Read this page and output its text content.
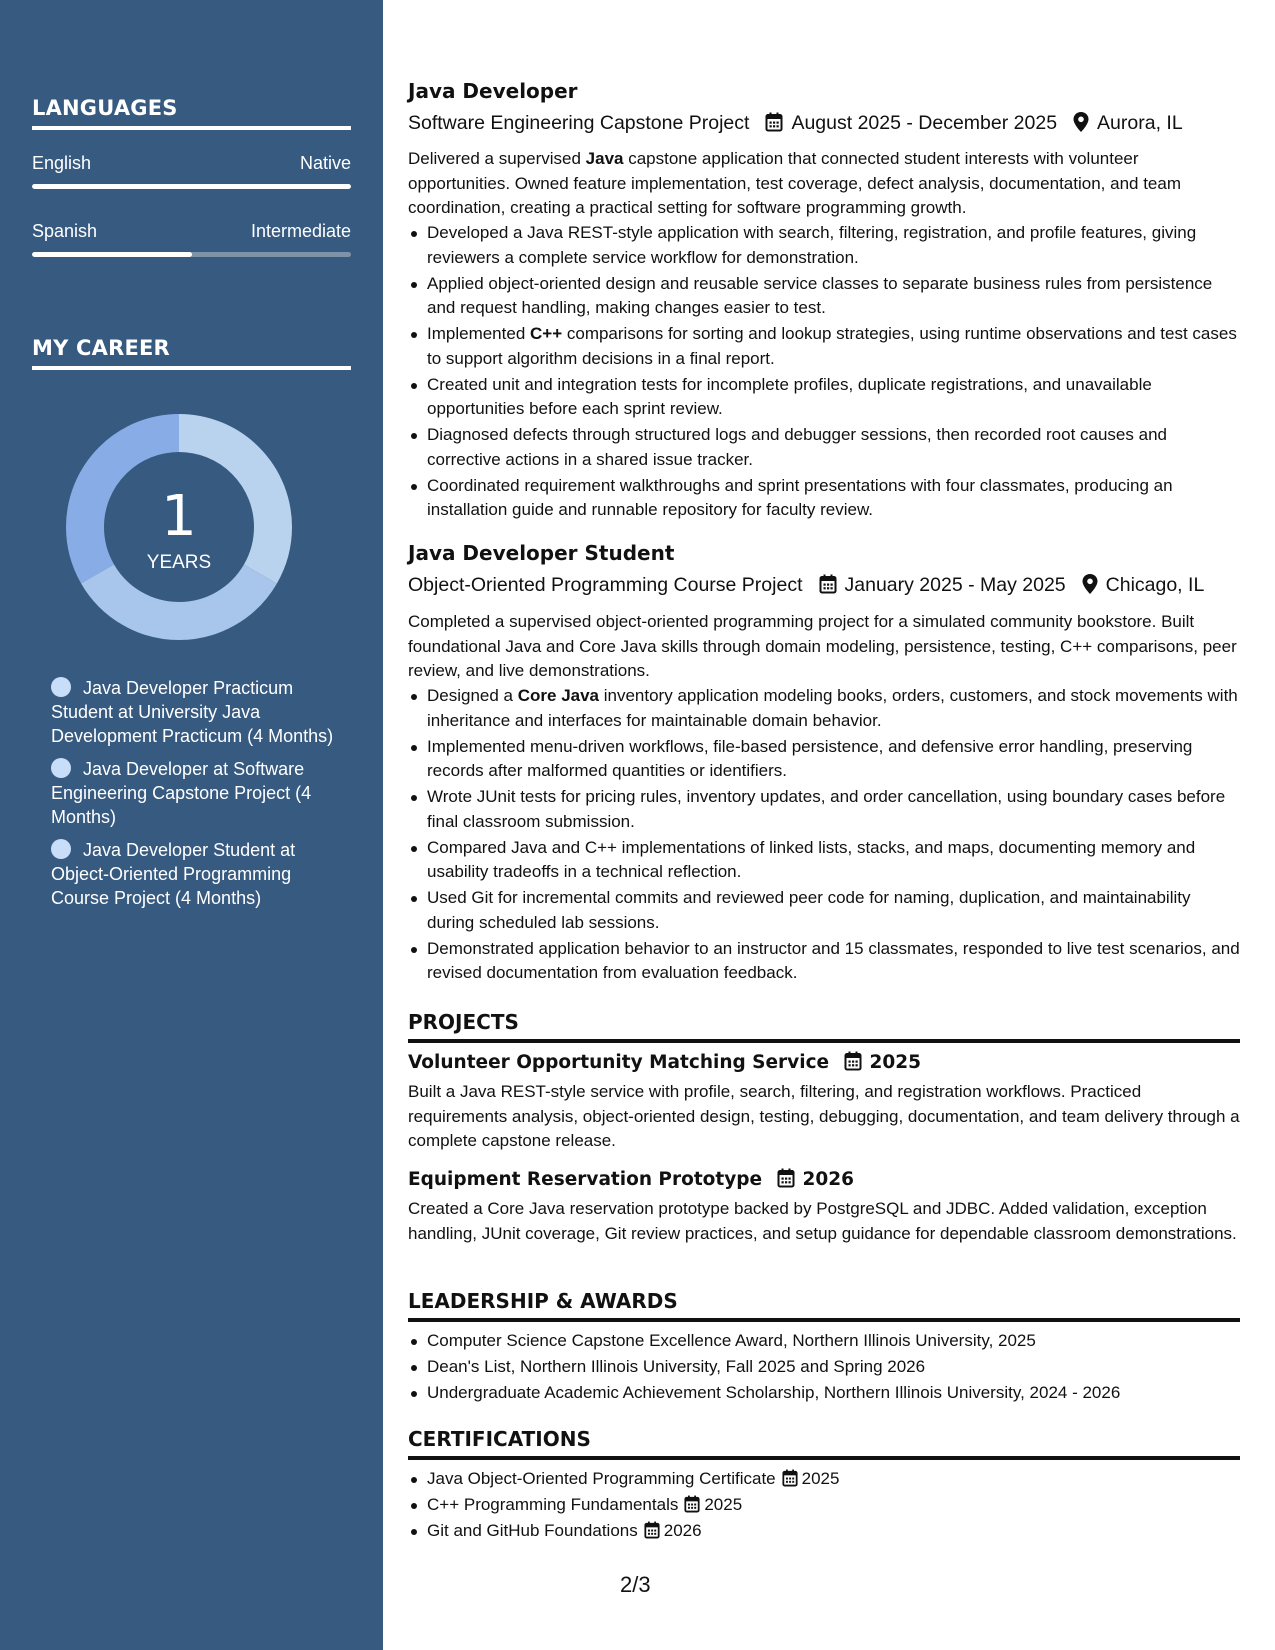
LANGUAGES
English	Native
Spanish	Intermediate
MY CAREER
1
YEARS
Java Developer Practicum Student at University Java Development Practicum (4 Months)
Java Developer at Software Engineering Capstone Project (4 Months)
Java Developer Student at Object-Oriented Programming Course Project (4 Months)
Java Developer
Software Engineering Capstone Project August 2025 - December 2025 Aurora, IL
Delivered a supervised Java capstone application that connected student interests with volunteer opportunities. Owned feature implementation, test coverage, defect analysis, documentation, and team coordination, creating a practical setting for software programming growth.
Developed a Java REST-style application with search, filtering, registration, and profile features, giving reviewers a complete service workflow for demonstration.
Applied object-oriented design and reusable service classes to separate business rules from persistence and request handling, making changes easier to test.
Implemented C++ comparisons for sorting and lookup strategies, using runtime observations and test cases to support algorithm decisions in a final report.
Created unit and integration tests for incomplete profiles, duplicate registrations, and unavailable opportunities before each sprint review.
Diagnosed defects through structured logs and debugger sessions, then recorded root causes and corrective actions in a shared issue tracker.
Coordinated requirement walkthroughs and sprint presentations with four classmates, producing an installation guide and runnable repository for faculty review.
Java Developer Student
Object-Oriented Programming Course Project January 2025 - May 2025 Chicago, IL
Completed a supervised object-oriented programming project for a simulated community bookstore. Built foundational Java and Core Java skills through domain modeling, persistence, testing, C++ comparisons, peer review, and live demonstrations.
Designed a Core Java inventory application modeling books, orders, customers, and stock movements with inheritance and interfaces for maintainable domain behavior.
Implemented menu-driven workflows, file-based persistence, and defensive error handling, preserving records after malformed quantities or identifiers.
Wrote JUnit tests for pricing rules, inventory updates, and order cancellation, using boundary cases before final classroom submission.
Compared Java and C++ implementations of linked lists, stacks, and maps, documenting memory and usability tradeoffs in a technical reflection.
Used Git for incremental commits and reviewed peer code for naming, duplication, and maintainability during scheduled lab sessions.
Demonstrated application behavior to an instructor and 15 classmates, responded to live test scenarios, and revised documentation from evaluation feedback.
PROJECTS
Volunteer Opportunity Matching Service 2025
Built a Java REST-style service with profile, search, filtering, and registration workflows. Practiced requirements analysis, object-oriented design, testing, debugging, documentation, and team delivery through a complete capstone release.
Equipment Reservation Prototype 2026
Created a Core Java reservation prototype backed by PostgreSQL and JDBC. Added validation, exception handling, JUnit coverage, Git review practices, and setup guidance for dependable classroom demonstrations.
LEADERSHIP & AWARDS
Computer Science Capstone Excellence Award, Northern Illinois University, 2025
Dean's List, Northern Illinois University, Fall 2025 and Spring 2026
Undergraduate Academic Achievement Scholarship, Northern Illinois University, 2024 - 2026
CERTIFICATIONS
Java Object-Oriented Programming Certificate 2025
C++ Programming Fundamentals 2025
Git and GitHub Foundations 2026
2/3
